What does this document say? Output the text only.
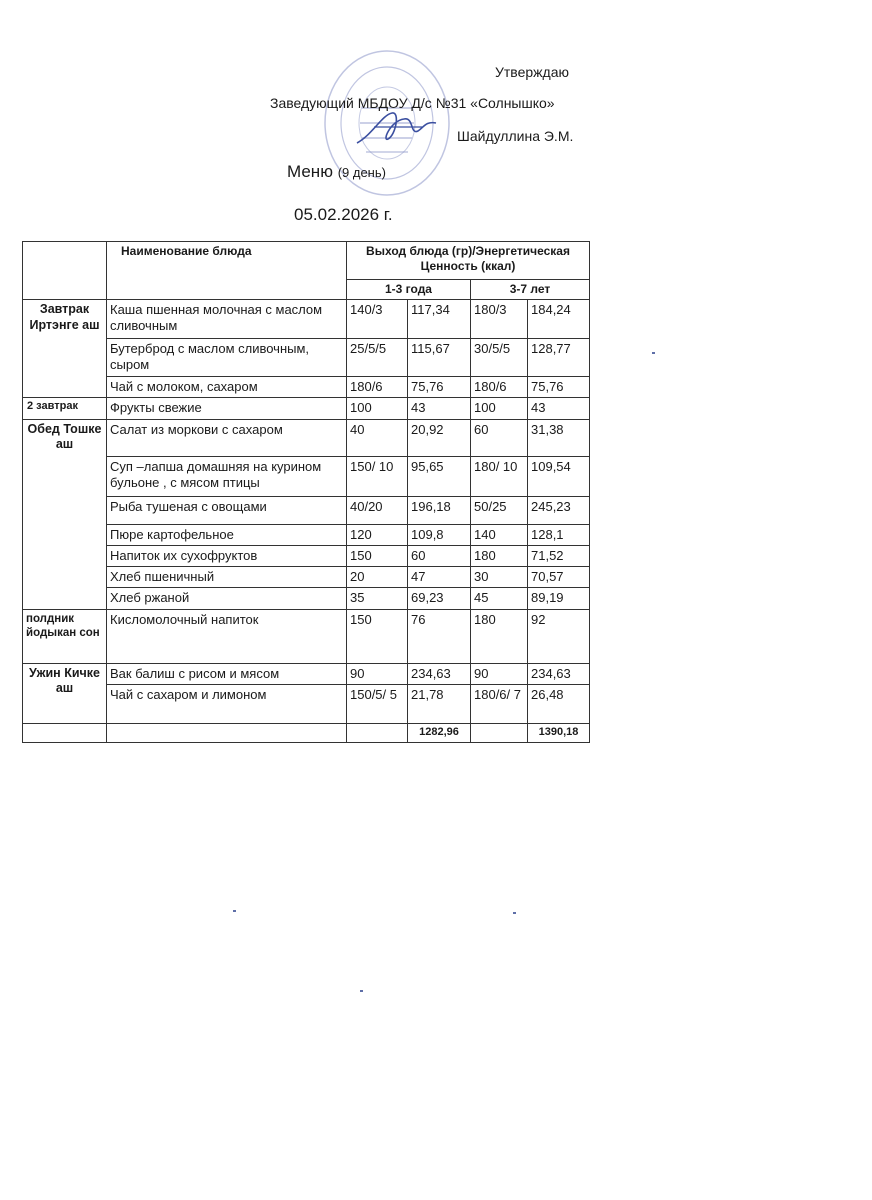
Утверждаю
Заведующий МБДОУ Д/с №31 «Солнышко»
Шайдуллина Э.М.
Меню (9 день)
05.02.2026 г.
	Наименование блюда	Выход блюда (гр)/Энергетическая Ценность (ккал)			
		1-3 года		3-7 лет	
Завтрак Иртэнге аш	Каша пшенная молочная с маслом сливочным	140/3	117,34	180/3	184,24
	Бутерброд с маслом сливочным, сыром	25/5/5	115,67	30/5/5	128,77
	Чай с молоком, сахаром	180/6	75,76	180/6	75,76
2 завтрак	Фрукты свежие	100	43	100	43
Обед Тошке аш	Салат из моркови с сахаром	40	20,92	60	31,38
	Суп –лапша домашняя на курином бульоне , с мясом птицы	150/ 10	95,65	180/ 10	109,54
	Рыба тушеная с овощами	40/20	196,18	50/25	245,23
	Пюре картофельное	120	109,8	140	128,1
	Напиток их сухофруктов	150	60	180	71,52
	Хлеб пшеничный	20	47	30	70,57
	Хлеб ржаной	35	69,23	45	89,19
полдник йодыкан сон	Кисломолочный напиток	150	76	180	92
Ужин Кичке аш	Вак балиш с рисом и мясом	90	234,63	90	234,63
	Чай с сахаром и лимоном	150/5/ 5	21,78	180/6/ 7	26,48
			1282,96		1390,18
